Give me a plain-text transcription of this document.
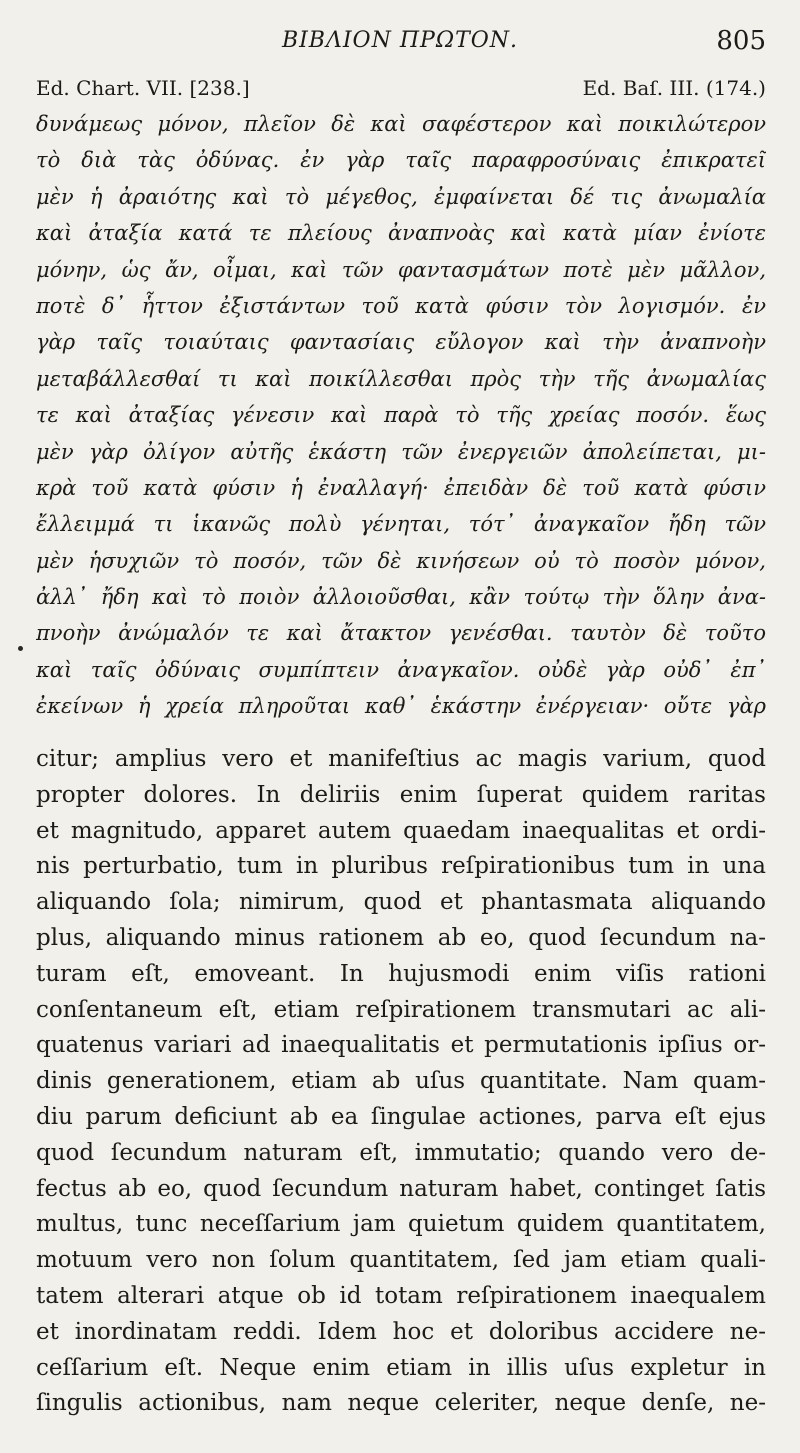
ΒΙΒΛΙΟΝ ΠΡΩΤΟΝ.	805
Ed. Chart. VII. [238.]	Ed. Baſ. III. (174.)
δυνάμεως μόνον, πλεῖον δὲ καὶ σαφέστερον καὶ ποικιλώτερον
τὸ διὰ τὰς ὀδύνας. ἐν γὰρ ταῖς παραφροσύναις ἐπικρατεῖ
μὲν ἡ ἀραιότης καὶ τὸ μέγεθος, ἐμφαίνεται δέ τις ἀνωμαλία
καὶ ἀταξία κατά τε πλείους ἀναπνοὰς καὶ κατὰ μίαν ἐνίοτε
μόνην, ὡς ἄν, οἶμαι, καὶ τῶν φαντασμάτων ποτὲ μὲν μᾶλλον,
ποτὲ δ᾽ ἧττον ἐξιστάντων τοῦ κατὰ φύσιν τὸν λογισμόν. ἐν
γὰρ ταῖς τοιαύταις φαντασίαις εὔλογον καὶ τὴν ἀναπνοὴν
μεταβάλλεσθαί τι καὶ ποικίλλεσθαι πρὸς τὴν τῆς ἀνωμαλίας
τε καὶ ἀταξίας γένεσιν καὶ παρὰ τὸ τῆς χρείας ποσόν. ἕως
μὲν γὰρ ὀλίγον αὐτῆς ἑκάστη τῶν ἐνεργειῶν ἀπολείπεται, μι-
κρὰ τοῦ κατὰ φύσιν ἡ ἐναλλαγή· ἐπειδὰν δὲ τοῦ κατὰ φύσιν
ἔλλειμμά τι ἱκανῶς πολὺ γένηται, τότ᾽ ἀναγκαῖον ἤδη τῶν
μὲν ἡσυχιῶν τὸ ποσόν, τῶν δὲ κινήσεων οὐ τὸ ποσὸν μόνον,
ἀλλ᾽ ἤδη καὶ τὸ ποιὸν ἀλλοιοῦσθαι, κἂν τούτῳ τὴν ὅλην ἀνα-
πνοὴν ἀνώμαλόν τε καὶ ἄτακτον γενέσθαι. ταυτὸν δὲ τοῦτο
καὶ ταῖς ὀδύναις συμπίπτειν ἀναγκαῖον. οὐδὲ γὰρ οὐδ᾽ ἐπ᾽
ἐκείνων ἡ χρεία πληροῦται καθ᾽ ἑκάστην ἐνέργειαν· οὔτε γὰρ
citur; amplius vero et manifeſtius ac magis varium, quod
propter dolores. In deliriis enim ſuperat quidem raritas
et magnitudo, apparet autem quaedam inaequalitas et ordi-
nis perturbatio, tum in pluribus reſpirationibus tum in una
aliquando ſola; nimirum, quod et phantasmata aliquando
plus, aliquando minus rationem ab eo, quod ſecundum na-
turam eſt, emoveant. In hujusmodi enim viſis rationi
conſentaneum eſt, etiam reſpirationem transmutari ac ali-
quatenus variari ad inaequalitatis et permutationis ipſius or-
dinis generationem, etiam ab uſus quantitate. Nam quam-
diu parum deficiunt ab ea ſingulae actiones, parva eſt ejus
quod ſecundum naturam eſt, immutatio; quando vero de-
fectus ab eo, quod ſecundum naturam habet, continget ſatis
multus, tunc neceſſarium jam quietum quidem quantitatem,
motuum vero non ſolum quantitatem, ſed jam etiam quali-
tatem alterari atque ob id totam reſpirationem inaequalem
et inordinatam reddi. Idem hoc et doloribus accidere ne-
ceſſarium eſt. Neque enim etiam in illis uſus expletur in
ſingulis actionibus, nam neque celeriter, neque denſe, ne-
